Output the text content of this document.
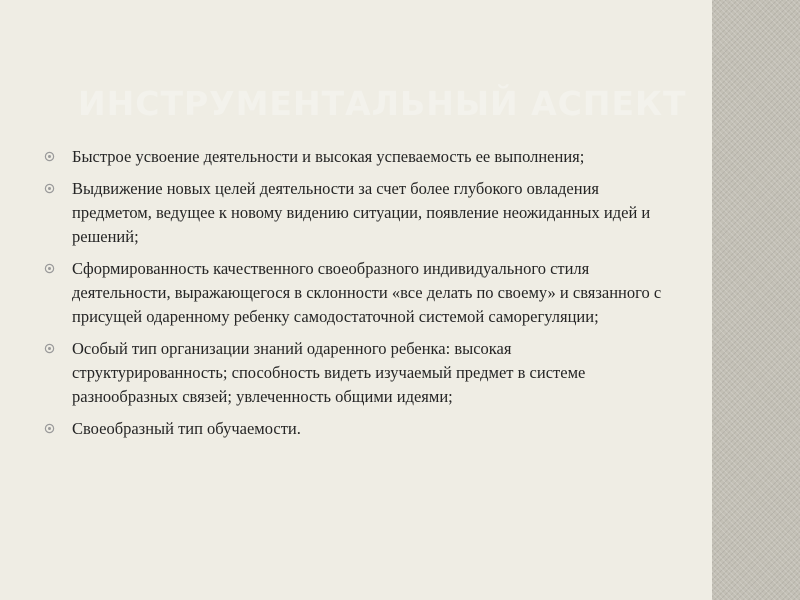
ИНСТРУМЕНТАЛЬНЫЙ АСПЕКТ
Быстрое усвоение деятельности и высокая успеваемость ее выполнения;
Выдвижение новых целей деятельности за счет более глубокого овладения предметом, ведущее к новому видению ситуации, появление неожиданных идей и решений;
Сформированность качественного своеобразного индивидуального стиля деятельности, выражающегося в склонности «все делать по своему» и связанного с присущей одаренному ребенку самодостаточной системой саморегуляции;
Особый тип организации знаний одаренного ребенка: высокая структурированность; способность видеть изучаемый предмет в системе разнообразных связей; увлеченность общими идеями;
Своеобразный тип обучаемости.
